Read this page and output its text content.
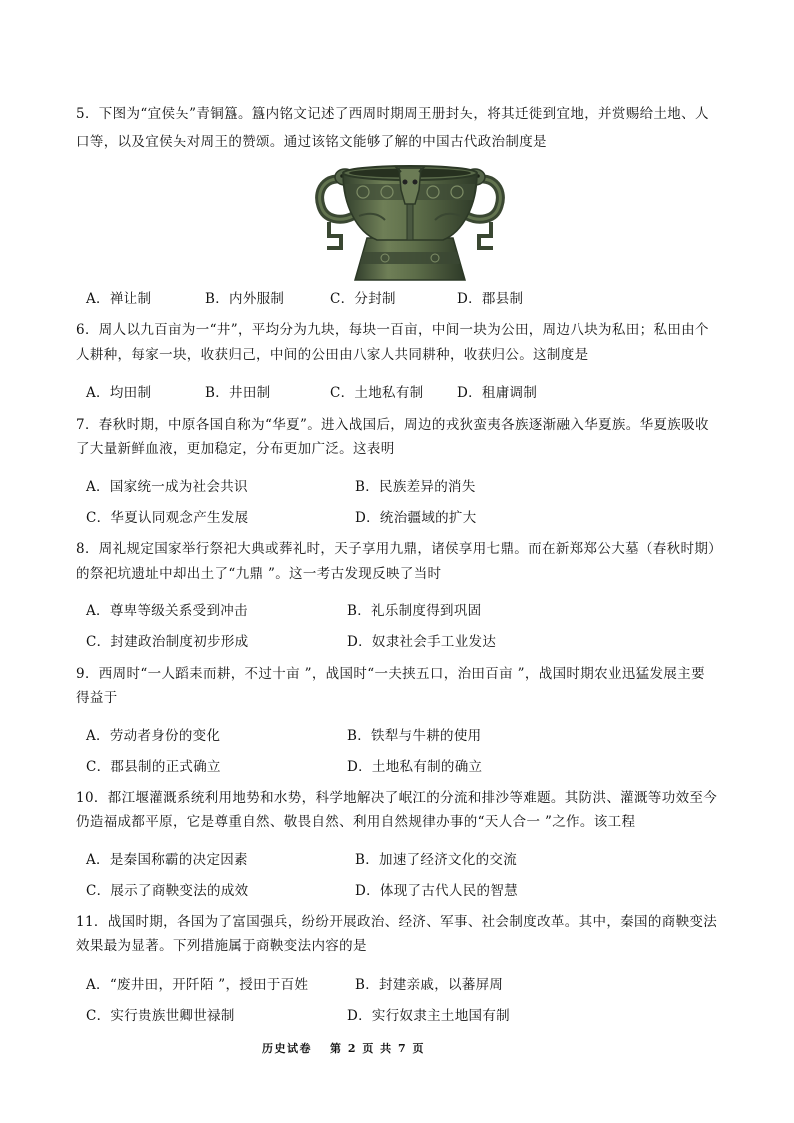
5．下图为“宜侯夨”青铜簋。簋内铭文记述了西周时期周王册封夨，将其迁徙到宜地，并赏赐给土地、人
口等，以及宜侯夨对周王的赞颂。通过该铭文能够了解的中国古代政治制度是
A．禅让制	B．内外服制	C．分封制	D．郡县制
6．周人以九百亩为一“井”，平均分为九块，每块一百亩，中间一块为公田，周边八块为私田；私田由个
人耕种，每家一块，收获归己，中间的公田由八家人共同耕种，收获归公。这制度是
A．均田制	B．井田制	C．土地私有制 D．租庸调制
7．春秋时期，中原各国自称为“华夏”。进入战国后，周边的戎狄蛮夷各族逐渐融入华夏族。华夏族吸收
了大量新鲜血液，更加稳定，分布更加广泛。这表明
A．国家统一成为社会共识	B．民族差异的消失
C．华夏认同观念产生发展	D．统治疆域的扩大
8．周礼规定国家举行祭祀大典或葬礼时，天子享用九鼎，诸侯享用七鼎。而在新郑郑公大墓（春秋时期）
的祭祀坑遗址中却出土了“九鼎 ”。这一考古发现反映了当时
A．尊卑等级关系受到冲击	B．礼乐制度得到巩固
C．封建政治制度初步形成	D．奴隶社会手工业发达
9．西周时“一人蹈耒而耕，不过十亩 ”，战国时“一夫挟五口，治田百亩 ”，战国时期农业迅猛发展主要
得益于
A．劳动者身份的变化	B．铁犁与牛耕的使用
C．郡县制的正式确立	D．土地私有制的确立
10．都江堰灌溉系统利用地势和水势，科学地解决了岷江的分流和排沙等难题。其防洪、灌溉等功效至今
仍造福成都平原，它是尊重自然、敬畏自然、利用自然规律办事的“天人合一 ”之作。该工程
A．是秦国称霸的决定因素	B．加速了经济文化的交流
C．展示了商鞅变法的成效	D．体现了古代人民的智慧
11．战国时期，各国为了富国强兵，纷纷开展政治、经济、军事、社会制度改革。其中，秦国的商鞅变法
效果最为显著。下列措施属于商鞅变法内容的是
A．“废井田，开阡陌 ”，授田于百姓	B．封建亲戚，以蕃屏周
C．实行贵族世卿世禄制	D．实行奴隶主土地国有制
历史试卷 第 2 页 共 7 页
